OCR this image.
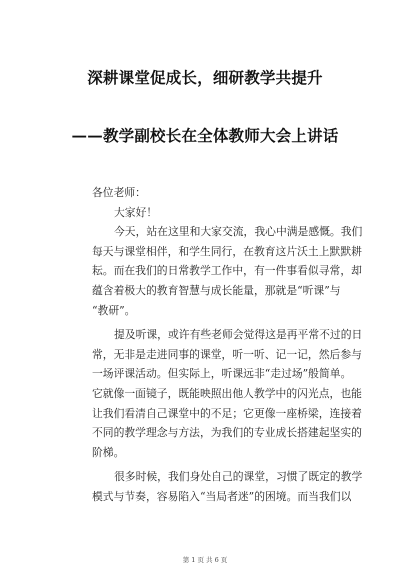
深耕课堂促成长，细研教学共提升
——教学副校长在全体教师大会上讲话
各位老师：
大家好！
今天，站在这里和大家交流，我心中满是感慨。我们
每天与课堂相伴，和学生同行，在教育这片沃土上默默耕
耘。而在我们的日常教学工作中，有一件事看似寻常，却
蕴含着极大的教育智慧与成长能量，那就是“听课”与
“教研”。
提及听课，或许有些老师会觉得这是再平常不过的日
常，无非是走进同事的课堂，听一听、记一记，然后参与
一场评课活动。但实际上，听课远非“走过场”般简单。
它就像一面镜子，既能映照出他人教学中的闪光点，也能
让我们看清自己课堂中的不足；它更像一座桥梁，连接着
不同的教学理念与方法，为我们的专业成长搭建起坚实的
阶梯。
很多时候，我们身处自己的课堂，习惯了既定的教学
模式与节奏，容易陷入“当局者迷”的困境。而当我们以
第 1 页 共 6 页
